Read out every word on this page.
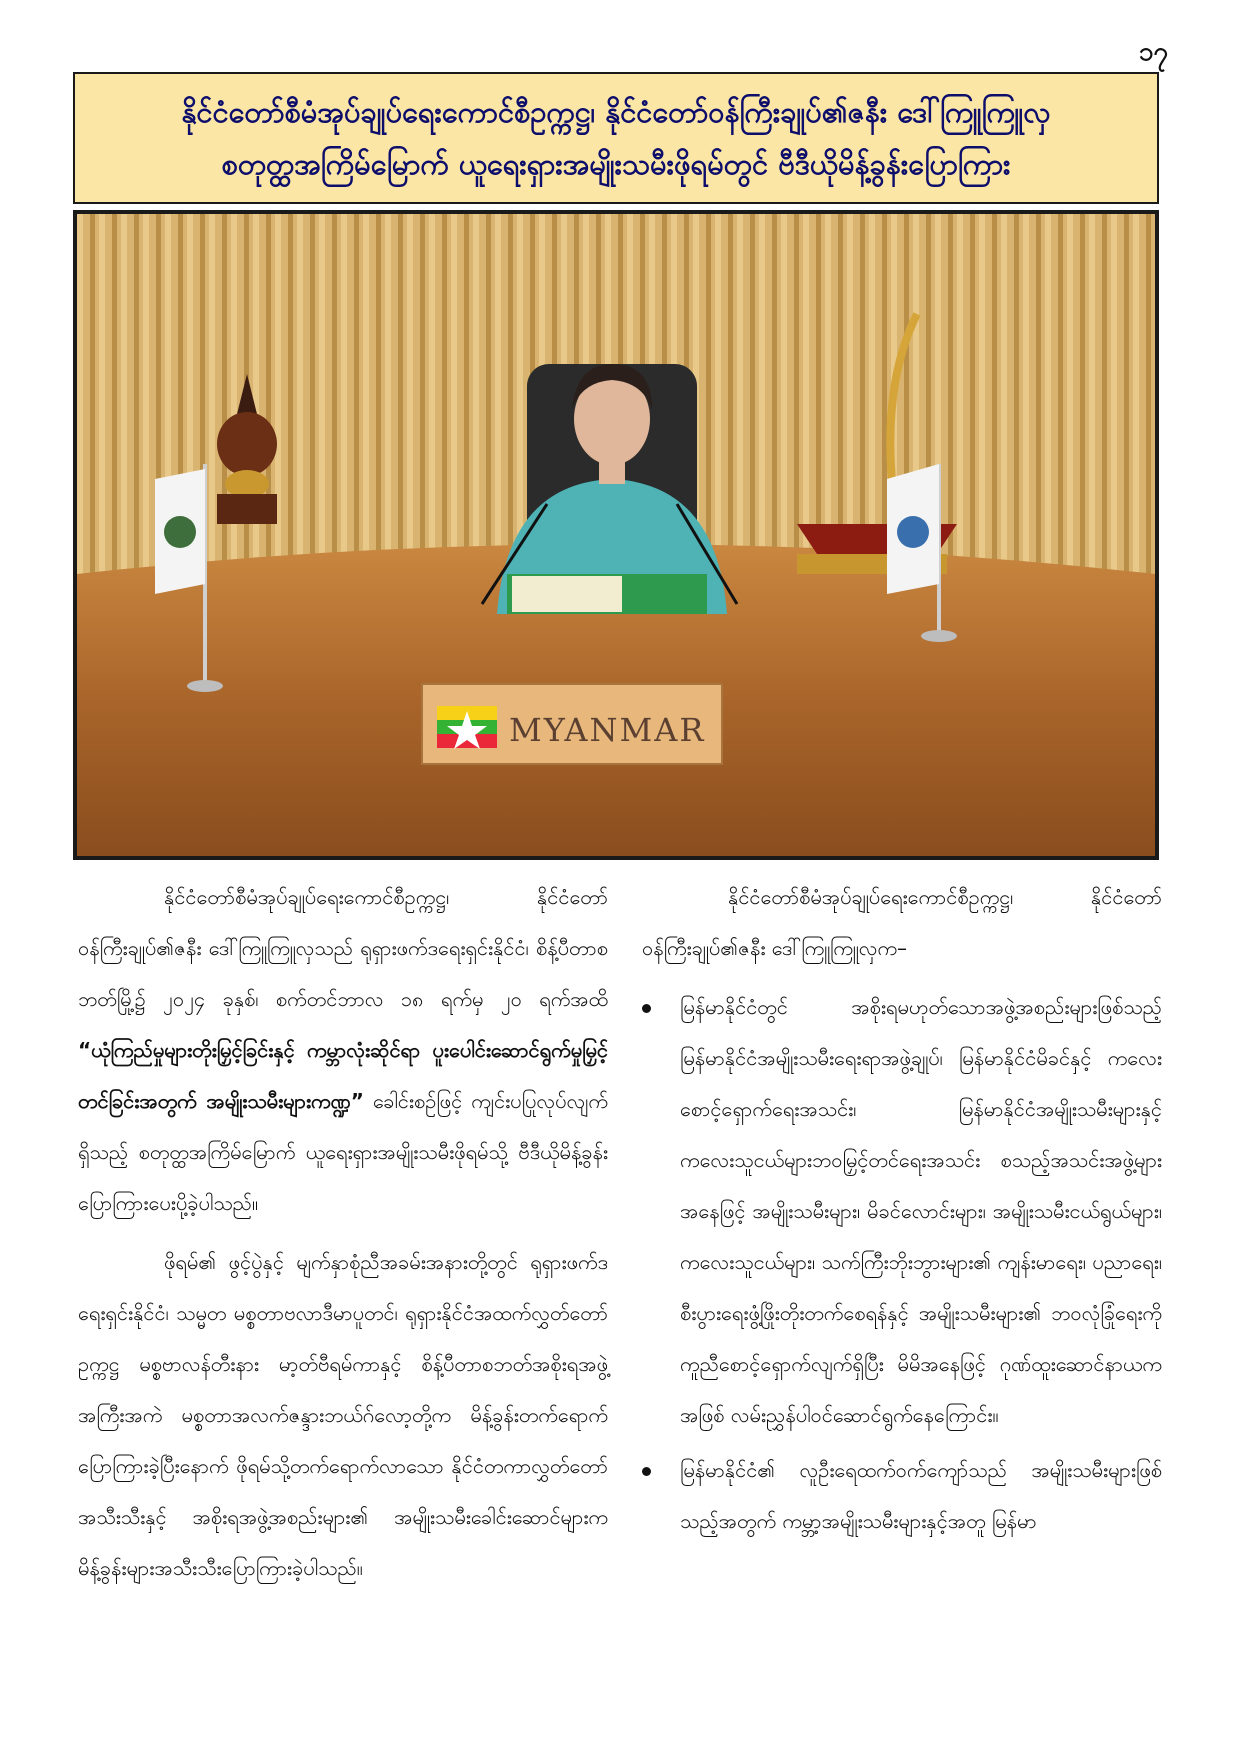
၁၇
နိုင်ငံတော်စီမံအုပ်ချုပ်ရေးကောင်စီဥက္ကဋ္ဌ၊ နိုင်ငံတော်ဝန်ကြီးချုပ်၏ဇနီး ဒေါ်ကြူကြူလှ
စတုတ္ထအကြိမ်မြောက် ယူရေးရှားအမျိုးသမီးဖိုရမ်တွင် ဗီဒီယိုမိန့်ခွန်းပြောကြား
MYANMAR

နိုင်ငံတော်စီမံအုပ်ချုပ်ရေးကောင်စီဥက္ကဋ္ဌ၊ နိုင်ငံတော်ဝန်ကြီးချုပ်၏ဇနီး ဒေါ်ကြူကြူလှသည် ရုရှားဖက်ဒရေးရှင်းနိုင်ငံ၊ စိန့်ပီတာစဘတ်မြို့၌ ၂၀၂၄ ခုနှစ်၊ စက်တင်ဘာလ ၁၈ ရက်မှ ၂၀ ရက်အထိ “ယုံကြည်မှုများတိုးမြှင့်ခြင်းနှင့် ကမ္ဘာလုံးဆိုင်ရာ ပူးပေါင်းဆောင်ရွက်မှုမြှင့်တင်ခြင်းအတွက် အမျိုးသမီးများကဏ္ဍ” ခေါင်းစဉ်ဖြင့် ကျင်းပပြုလုပ်လျက်ရှိသည့် စတုတ္ထအကြိမ်မြောက် ယူရေးရှားအမျိုးသမီးဖိုရမ်သို့ ဗီဒီယိုမိန့်ခွန်းပြောကြားပေးပို့ခဲ့ပါသည်။

ဖိုရမ်၏ ဖွင့်ပွဲနှင့် မျက်နှာစုံညီအခမ်းအနားတို့တွင် ရုရှားဖက်ဒရေးရှင်းနိုင်ငံ၊ သမ္မတ မစ္စတာဗလာဒီမာပူတင်၊ ရုရှားနိုင်ငံအထက်လွှတ်တော်ဥက္ကဋ္ဌ မစ္စဗာလန်တီးနား မာ့တ်ဗီရမ်ကာနှင့် စိန့်ပီတာစဘတ်အစိုးရအဖွဲ့အကြီးအကဲ မစ္စတာအလက်ဇန္ဒားဘယ်ဂ်လော့တို့က မိန့်ခွန်းတက်ရောက်ပြောကြားခဲ့ပြီးနောက် ဖိုရမ်သို့တက်ရောက်လာသော နိုင်ငံတကာလွှတ်တော်အသီးသီးနှင့် အစိုးရအဖွဲ့အစည်းများ၏ အမျိုးသမီးခေါင်းဆောင်များက မိန့်ခွန်းများအသီးသီးပြောကြားခဲ့ပါသည်။

နိုင်ငံတော်စီမံအုပ်ချုပ်ရေးကောင်စီဥက္ကဋ္ဌ၊ နိုင်ငံတော်ဝန်ကြီးချုပ်၏ဇနီး ဒေါ်ကြူကြူလှက–

မြန်မာနိုင်ငံတွင် အစိုးရမဟုတ်သောအဖွဲ့အစည်းများဖြစ်သည့် မြန်မာနိုင်ငံအမျိုးသမီးရေးရာအဖွဲ့ချုပ်၊ မြန်မာနိုင်ငံမိခင်နှင့် ကလေးစောင့်ရှောက်ရေးအသင်း၊ မြန်မာနိုင်ငံအမျိုးသမီးများနှင့် ကလေးသူငယ်များဘဝမြှင့်တင်ရေးအသင်း စသည့်အသင်းအဖွဲ့များအနေဖြင့် အမျိုးသမီးများ၊ မိခင်လောင်းများ၊ အမျိုးသမီးငယ်ရွယ်များ၊ ကလေးသူငယ်များ၊ သက်ကြီးဘိုးဘွားများ၏ ကျန်းမာရေး၊ ပညာရေး၊ စီးပွားရေးဖွံ့ဖြိုးတိုးတက်စေရန်နှင့် အမျိုးသမီးများ၏ ဘဝလုံခြုံရေးကို ကူညီစောင့်ရှောက်လျက်ရှိပြီး မိမိအနေဖြင့် ဂုဏ်ထူးဆောင်နာယကအဖြစ် လမ်းညွှန်ပါဝင်ဆောင်ရွက်နေကြောင်း။
မြန်မာနိုင်ငံ၏ လူဦးရေထက်ဝက်ကျော်သည် အမျိုးသမီးများဖြစ်သည့်အတွက် ကမ္ဘာ့အမျိုးသမီးများနှင့်အတူ မြန်မာ
